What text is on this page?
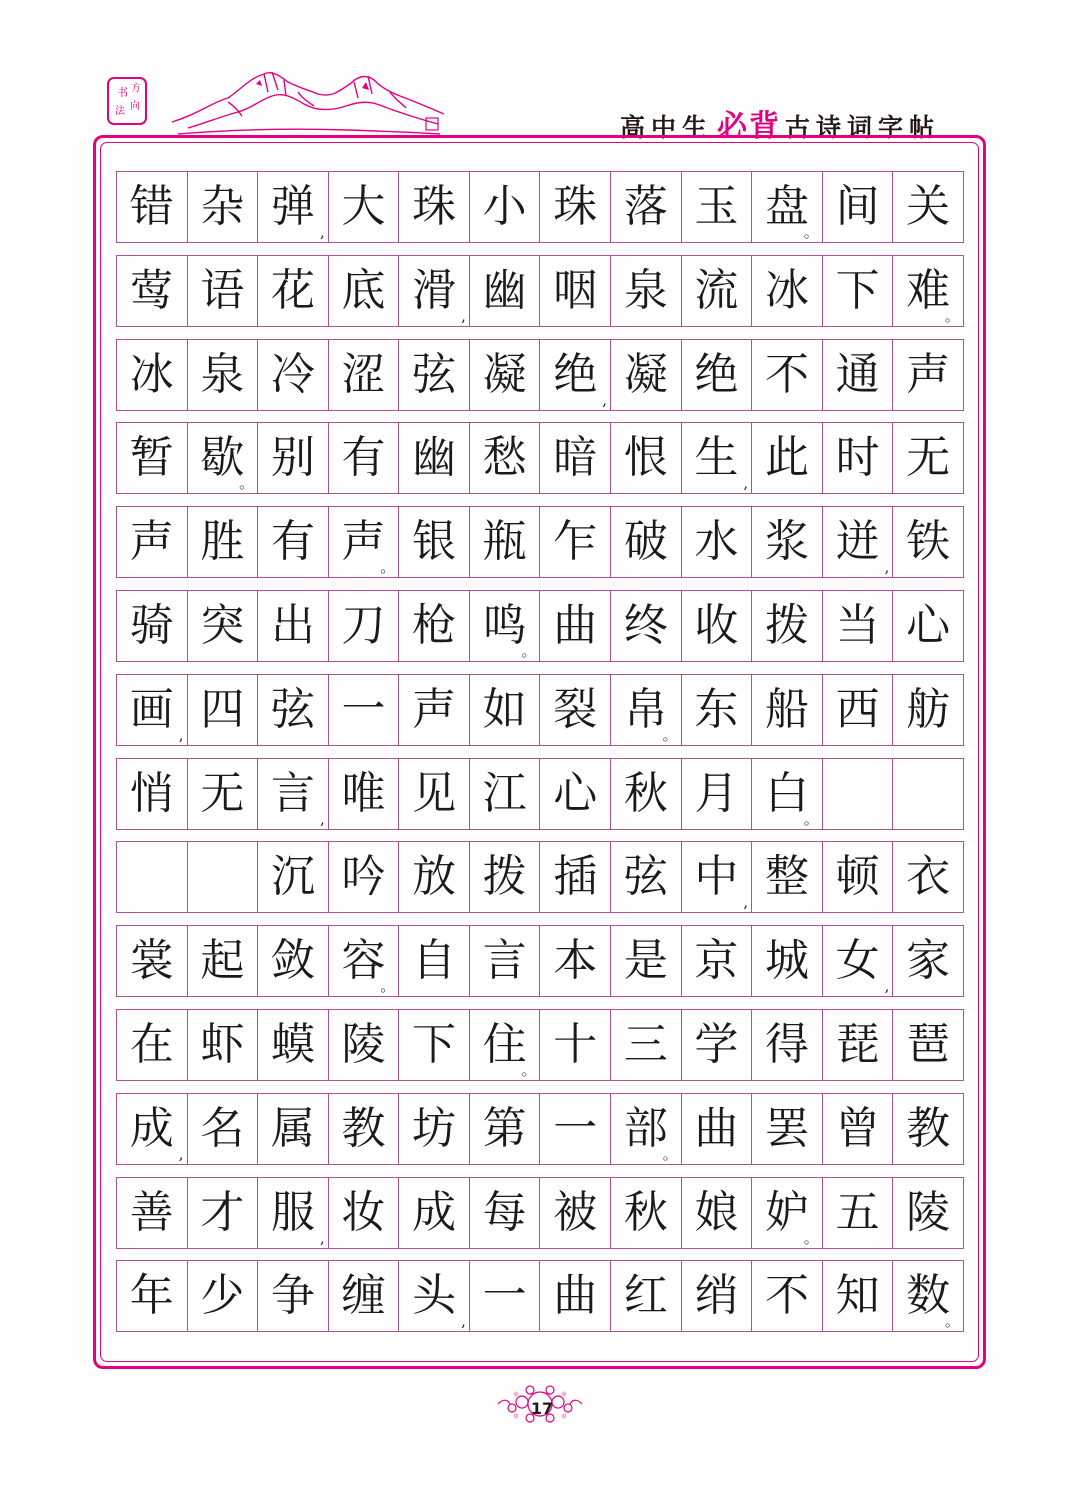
书 方
法 向
高中生 必背 古诗词字帖
错 杂 弹 , 大 珠 小 珠 落 玉 盘
。 间 关
莺 语 花 底 滑 , 幽 咽 泉 流 冰 下 难
。
冰 泉 冷 涩 弦 凝 绝 , 凝 绝 不 通 声
暂 歇
。 别 有 幽 愁 暗 恨 生 , 此 时 无
声 胜 有 声
。 银 瓶 乍 破 水 浆 迸 , 铁
骑 突 出 刀 枪 鸣
。 曲 终 收 拨 当 心
画 , 四 弦 一 声 如 裂 帛
。 东 船 西 舫
悄 无 言 , 唯 见 江 心 秋 月 白
。
沉 吟 放 拨 插 弦 中 , 整 顿 衣
裳 起 敛 容
。 自 言 本 是 京 城 女 , 家
在 虾 蟆 陵 下 住
。 十 三 学 得 琵 琶
成 , 名 属 教 坊 第 一 部
。 曲 罢 曾 教
善 才 服 , 妆 成 每 被 秋 娘 妒
。 五 陵
年 少 争 缠 头 , 一 曲 红 绡 不 知 数
。
17
